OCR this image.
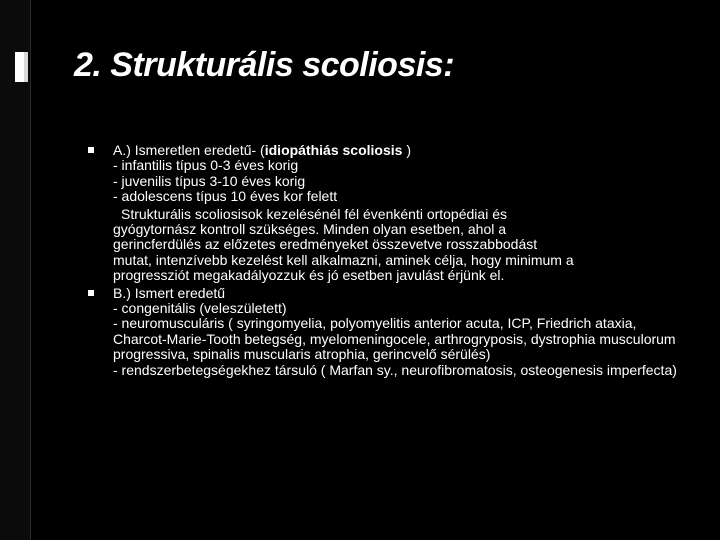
2. Strukturális scoliosis:
A.) Ismeretlen eredetű- (idiopáthiás scoliosis )
- infantilis típus 0-3 éves korig
- juvenilis típus 3-10 éves korig
- adolescens típus 10 éves kor felett
Strukturális scoliosisok kezelésénél fél évenkénti ortopédiai és
gyógytornász kontroll szükséges. Minden olyan esetben, ahol a
gerincferdülés az előzetes eredményeket összevetve rosszabbodást
mutat, intenzívebb kezelést kell alkalmazni, aminek célja, hogy minimum a
progressziót megakadályozzuk és jó esetben javulást érjünk el.
B.) Ismert eredetű
- congenitális (veleszületett)
- neuromusculáris ( syringomyelia, polyomyelitis anterior acuta, ICP, Friedrich ataxia, Charcot-Marie-Tooth betegség, myelomeningocele, arthrogryposis, dystrophia musculorum progressiva, spinalis muscularis atrophia, gerincvelő sérülés)
- rendszerbetegségekhez társuló ( Marfan sy., neurofibromatosis, osteogenesis imperfecta)
